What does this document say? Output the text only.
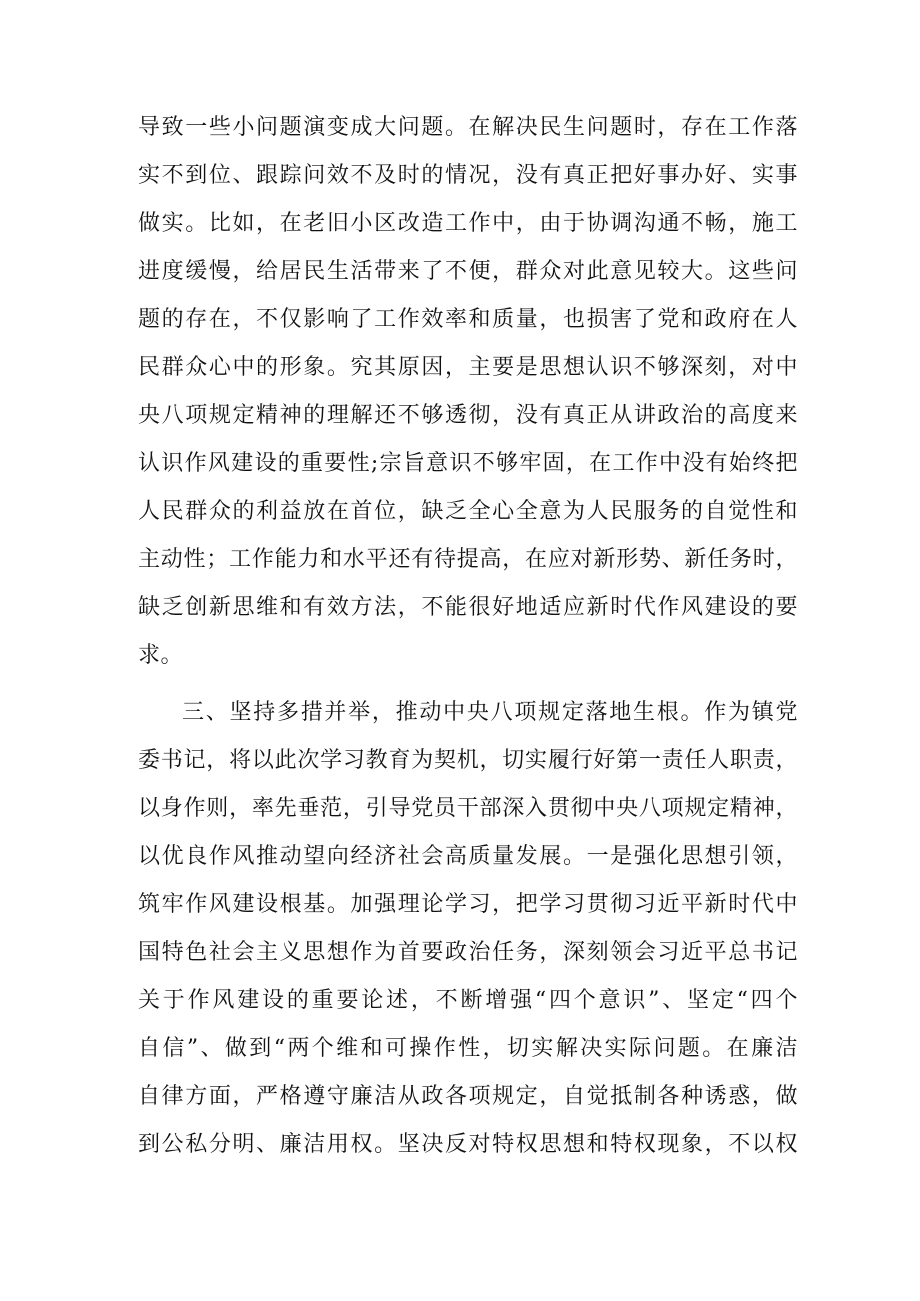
导致一些小问题演变成大问题。在解决民生问题时，存在工作落
实不到位、跟踪问效不及时的情况，没有真正把好事办好、实事
做实。比如，在老旧小区改造工作中，由于协调沟通不畅，施工
进度缓慢，给居民生活带来了不便，群众对此意见较大。这些问
题的存在，不仅影响了工作效率和质量，也损害了党和政府在人
民群众心中的形象。究其原因，主要是思想认识不够深刻，对中
央八项规定精神的理解还不够透彻，没有真正从讲政治的高度来
认识作风建设的重要性;宗旨意识不够牢固，在工作中没有始终把
人民群众的利益放在首位，缺乏全心全意为人民服务的自觉性和
主动性；工作能力和水平还有待提高，在应对新形势、新任务时，
缺乏创新思维和有效方法，不能很好地适应新时代作风建设的要
求。
三、坚持多措并举，推动中央八项规定落地生根。作为镇党
委书记，将以此次学习教育为契机，切实履行好第一责任人职责，
以身作则，率先垂范，引导党员干部深入贯彻中央八项规定精神，
以优良作风推动望向经济社会高质量发展。一是强化思想引领，
筑牢作风建设根基。加强理论学习，把学习贯彻习近平新时代中
国特色社会主义思想作为首要政治任务，深刻领会习近平总书记
关于作风建设的重要论述，不断增强“四个意识”、坚定“四个
自信”、做到“两个维和可操作性，切实解决实际问题。在廉洁
自律方面，严格遵守廉洁从政各项规定，自觉抵制各种诱惑，做
到公私分明、廉洁用权。坚决反对特权思想和特权现象，不以权
